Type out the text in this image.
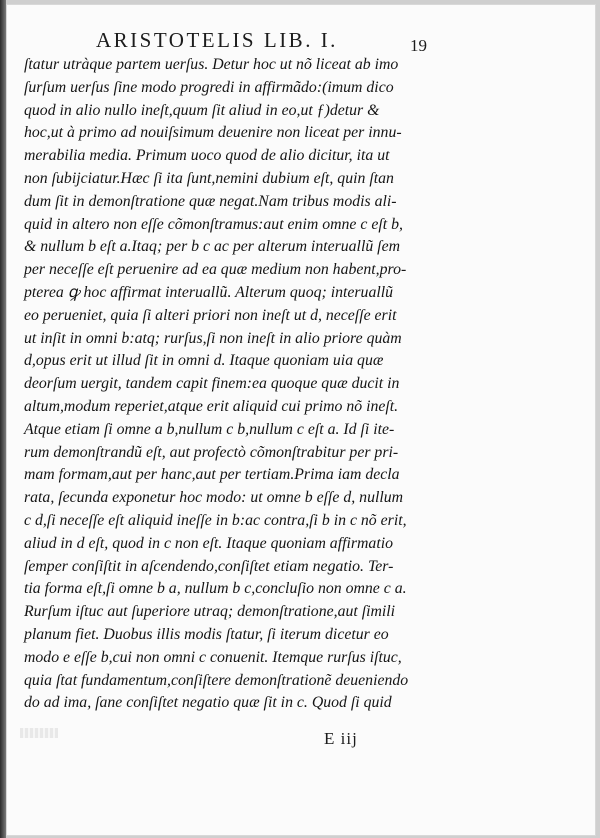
ARISTOTELIS LIB. I.	19
ſtatur utràque partem uerſus. Detur hoc ut nõ liceat ab imo
ſurſum uerſus ſine modo progredi in affirmãdo:(imum dico
quod in alio nullo ineſt,quum ſit aliud in eo,ut ƒ)detur &
hoc,ut à primo ad nouiſsimum deuenire non liceat per innu-
merabilia media. Primum uoco quod de alio dicitur, ita ut
non ſubijciatur.Hæc ſi ita ſunt,nemini dubium eſt, quin ſtan
dum ſit in demonſtratione quæ negat.Nam tribus modis ali-
quid in altero non eſſe cõmonſtramus:aut enim omne c eſt b,
& nullum b eſt a.Itaq; per b c ac per alterum interuallũ ſem
per neceſſe eſt peruenire ad ea quæ medium non habent,pro-
pterea ꝙ hoc affirmat interuallũ. Alterum quoq; interuallũ
eo perueniet, quia ſi alteri priori non ineſt ut d, neceſſe erit
ut inſit in omni b:atq; rurſus,ſi non ineſt in alio priore quàm
d,opus erit ut illud ſit in omni d. Itaque quoniam uia quæ
deorſum uergit, tandem capit finem:ea quoque quæ ducit in
altum,modum reperiet,atque erit aliquid cui primo nõ ineſt.
Atque etiam ſi omne a b,nullum c b,nullum c eſt a. Id ſi ite-
rum demonſtrandũ eſt, aut profectò cõmonſtrabitur per pri-
mam formam,aut per hanc,aut per tertiam.Prima iam decla
rata, ſecunda exponetur hoc modo: ut omne b eſſe d, nullum
c d,ſi neceſſe eſt aliquid ineſſe in b:ac contra,ſi b in c nõ erit,
aliud in d eſt, quod in c non eſt. Itaque quoniam affirmatio
ſemper conſiſtit in aſcendendo,conſiſtet etiam negatio. Ter-
tia forma eſt,ſi omne b a, nullum b c,concluſio non omne c a.
Rurſum iſtuc aut ſuperiore utraq; demonſtratione,aut ſimili
planum fiet. Duobus illis modis ſtatur, ſi iterum dicetur eo
modo e eſſe b,cui non omni c conuenit. Itemque rurſus iſtuc,
quia ſtat fundamentum,conſiſtere demonſtrationẽ deueniendo
do ad ima, ſane conſiſtet negatio quæ ſit in c. Quod ſi quid
E iij
